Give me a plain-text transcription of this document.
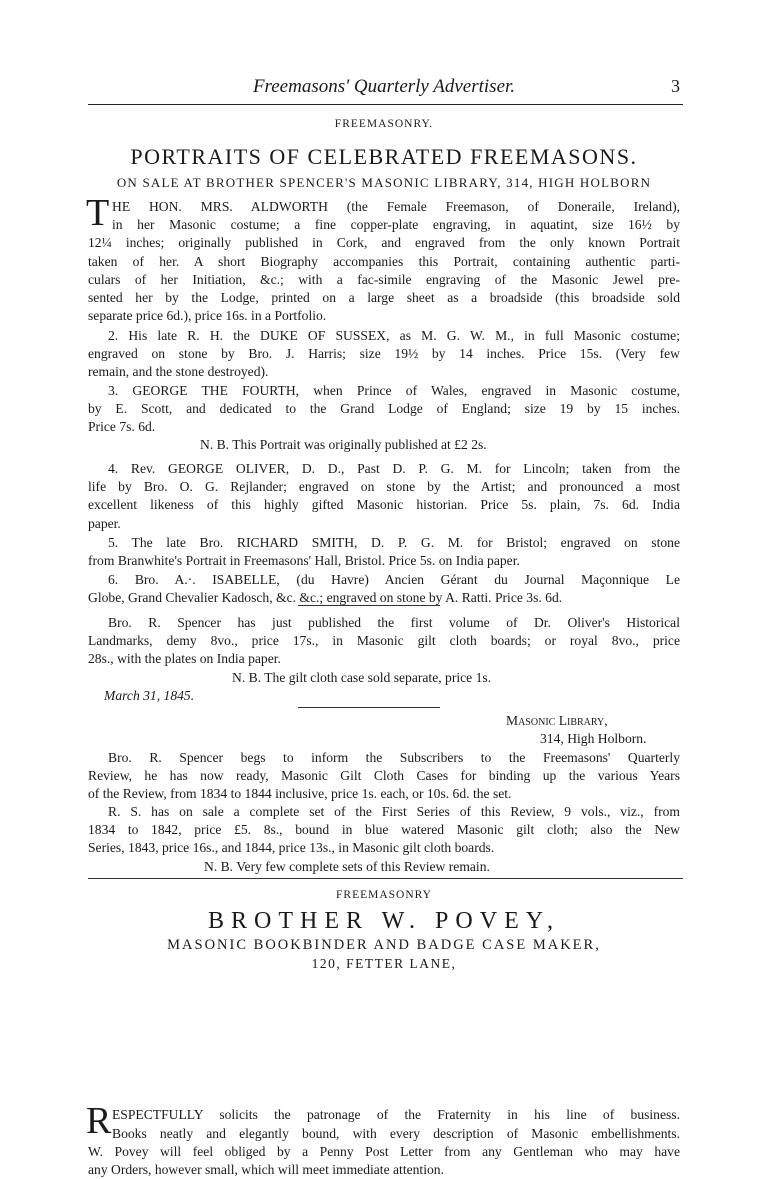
Freemasons' Quarterly Advertiser.	3
FREEMASONRY.
PORTRAITS OF CELEBRATED FREEMASONS.
ON SALE AT BROTHER SPENCER'S MASONIC LIBRARY, 314, HIGH HOLBORN
T HE HON. MRS. ALDWORTH (the Female Freemason, of Doneraile, Ireland),
in her Masonic costume; a fine copper-plate engraving, in aquatint, size 16½ by
12¼ inches; originally published in Cork, and engraved from the only known Portrait
taken of her. A short Biography accompanies this Portrait, containing authentic parti-
culars of her Initiation, &c.; with a fac-simile engraving of the Masonic Jewel pre-
sented her by the Lodge, printed on a large sheet as a broadside (this broadside sold
separate price 6d.), price 16s. in a Portfolio.
2. His late R. H. the DUKE OF SUSSEX, as M. G. W. M., in full Masonic costume;
engraved on stone by Bro. J. Harris; size 19½ by 14 inches. Price 15s. (Very few
remain, and the stone destroyed).
3. GEORGE THE FOURTH, when Prince of Wales, engraved in Masonic costume,
by E. Scott, and dedicated to the Grand Lodge of England; size 19 by 15 inches.
Price 7s. 6d.
N. B. This Portrait was originally published at £2 2s.
4. Rev. GEORGE OLIVER, D. D., Past D. P. G. M. for Lincoln; taken from the
life by Bro. O. G. Rejlander; engraved on stone by the Artist; and pronounced a most
excellent likeness of this highly gifted Masonic historian. Price 5s. plain, 7s. 6d. India
paper.
5. The late Bro. RICHARD SMITH, D. P. G. M. for Bristol; engraved on stone
from Branwhite's Portrait in Freemasons' Hall, Bristol. Price 5s. on India paper.
6. Bro. A.·. ISABELLE, (du Havre) Ancien Gérant du Journal Maçonnique Le
Globe, Grand Chevalier Kadosch, &c. &c.; engraved on stone by A. Ratti. Price 3s. 6d.
Bro. R. Spencer has just published the first volume of Dr. Oliver's Historical
Landmarks, demy 8vo., price 17s., in Masonic gilt cloth boards; or royal 8vo., price
28s., with the plates on India paper.
N. B. The gilt cloth case sold separate, price 1s.
March 31, 1845.
Masonic Library,
314, High Holborn.
Bro. R. Spencer begs to inform the Subscribers to the Freemasons' Quarterly
Review, he has now ready, Masonic Gilt Cloth Cases for binding up the various Years
of the Review, from 1834 to 1844 inclusive, price 1s. each, or 10s. 6d. the set.
R. S. has on sale a complete set of the First Series of this Review, 9 vols., viz., from
1834 to 1842, price £5. 8s., bound in blue watered Masonic gilt cloth; also the New
Series, 1843, price 16s., and 1844, price 13s., in Masonic gilt cloth boards.
N. B. Very few complete sets of this Review remain.
FREEMASONRY
BROTHER W. POVEY,
MASONIC BOOKBINDER AND BADGE CASE MAKER,
120, FETTER LANE,
R ESPECTFULLY solicits the patronage of the Fraternity in his line of business.
Books neatly and elegantly bound, with every description of Masonic embellishments.
W. Povey will feel obliged by a Penny Post Letter from any Gentleman who may have
any Orders, however small, which will meet immediate attention.
